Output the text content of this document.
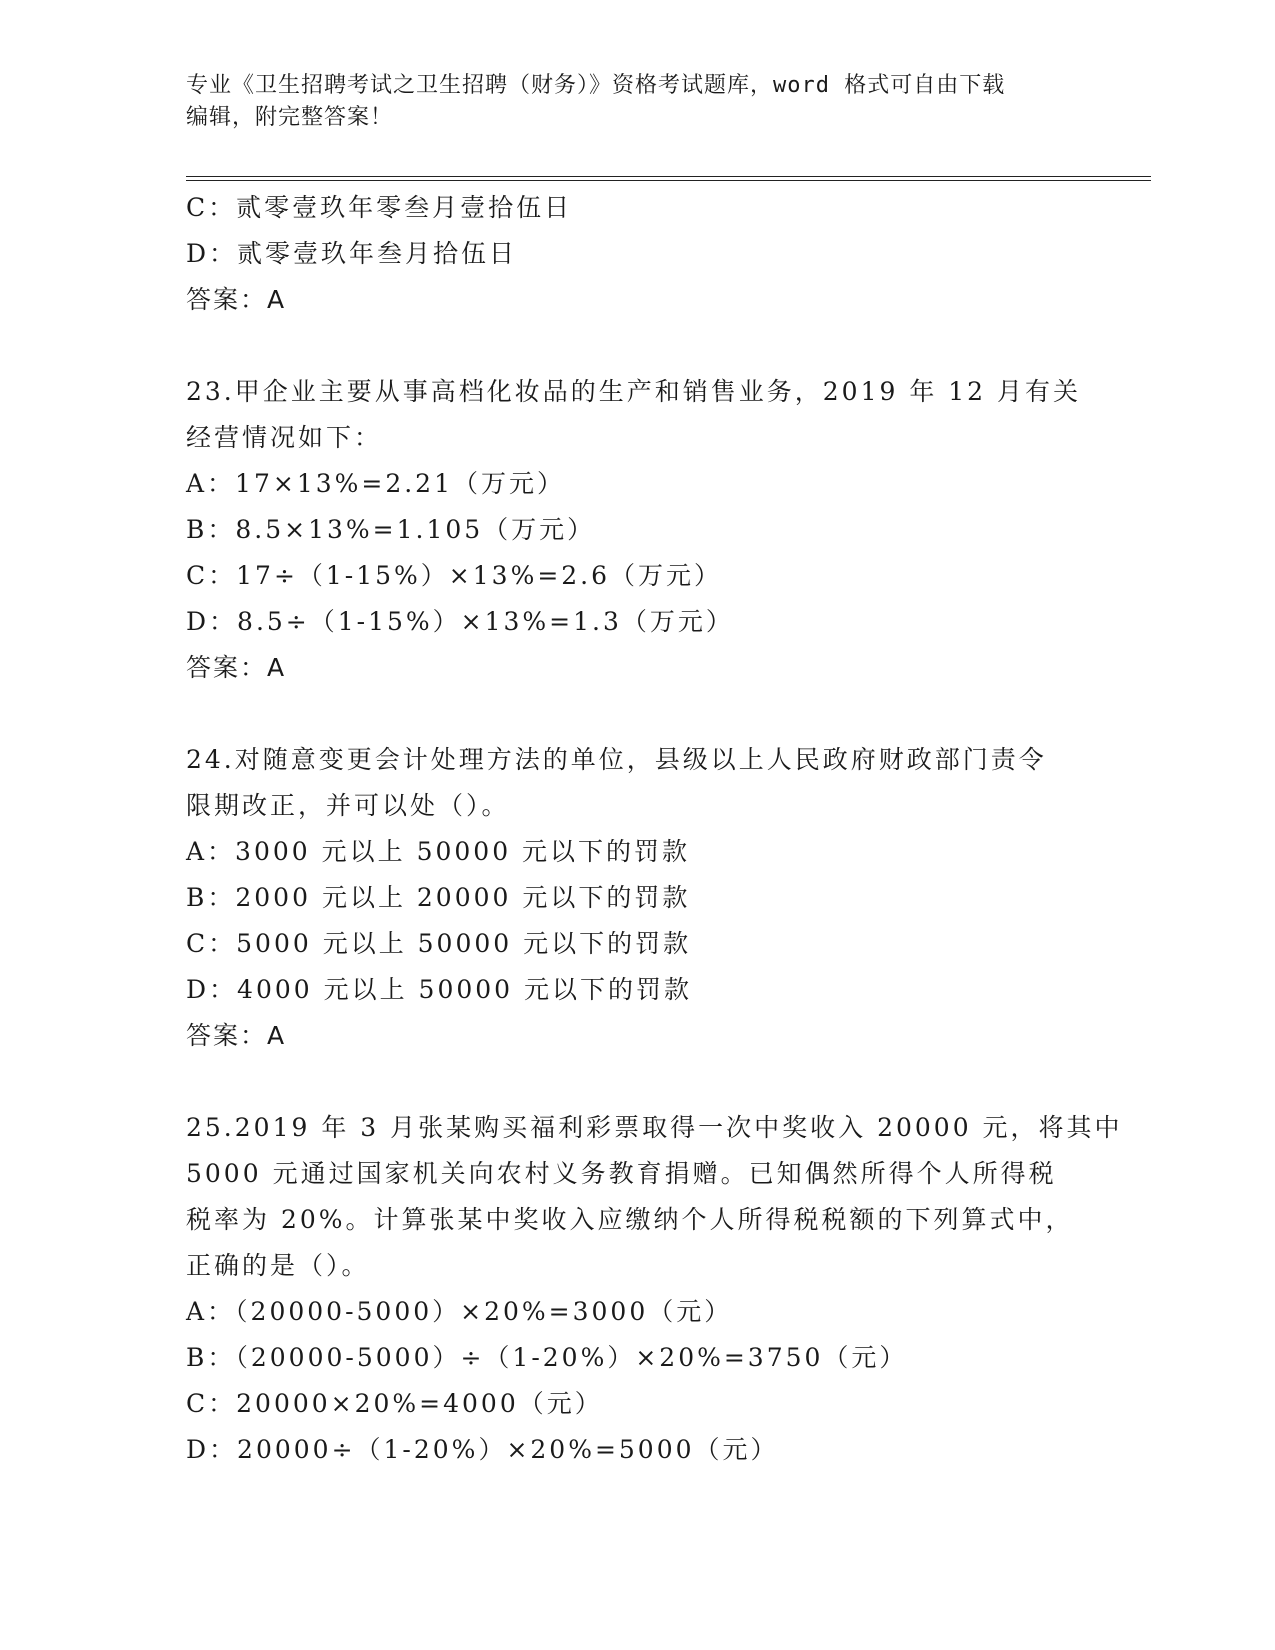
专业《卫生招聘考试之卫生招聘（财务）》资格考试题库，word 格式可自由下载
编辑，附完整答案！
C：贰零壹玖年零叁月壹拾伍日
D：贰零壹玖年叁月拾伍日
答案：A
23.甲企业主要从事高档化妆品的生产和销售业务，2019 年 12 月有关
经营情况如下：
A：17×13%=2.21（万元）
B：8.5×13%=1.105（万元）
C：17÷（1-15%）×13%=2.6（万元）
D：8.5÷（1-15%）×13%=1.3（万元）
答案：A
24.对随意变更会计处理方法的单位，县级以上人民政府财政部门责令
限期改正，并可以处（）。
A：3000 元以上 50000 元以下的罚款
B：2000 元以上 20000 元以下的罚款
C：5000 元以上 50000 元以下的罚款
D：4000 元以上 50000 元以下的罚款
答案：A
25.2019 年 3 月张某购买福利彩票取得一次中奖收入 20000 元，将其中
5000 元通过国家机关向农村义务教育捐赠。已知偶然所得个人所得税
税率为 20%。计算张某中奖收入应缴纳个人所得税税额的下列算式中，
正确的是（）。
A：（20000-5000）×20%=3000（元）
B：（20000-5000）÷（1-20%）×20%=3750（元）
C：20000×20%=4000（元）
D：20000÷（1-20%）×20%=5000（元）
